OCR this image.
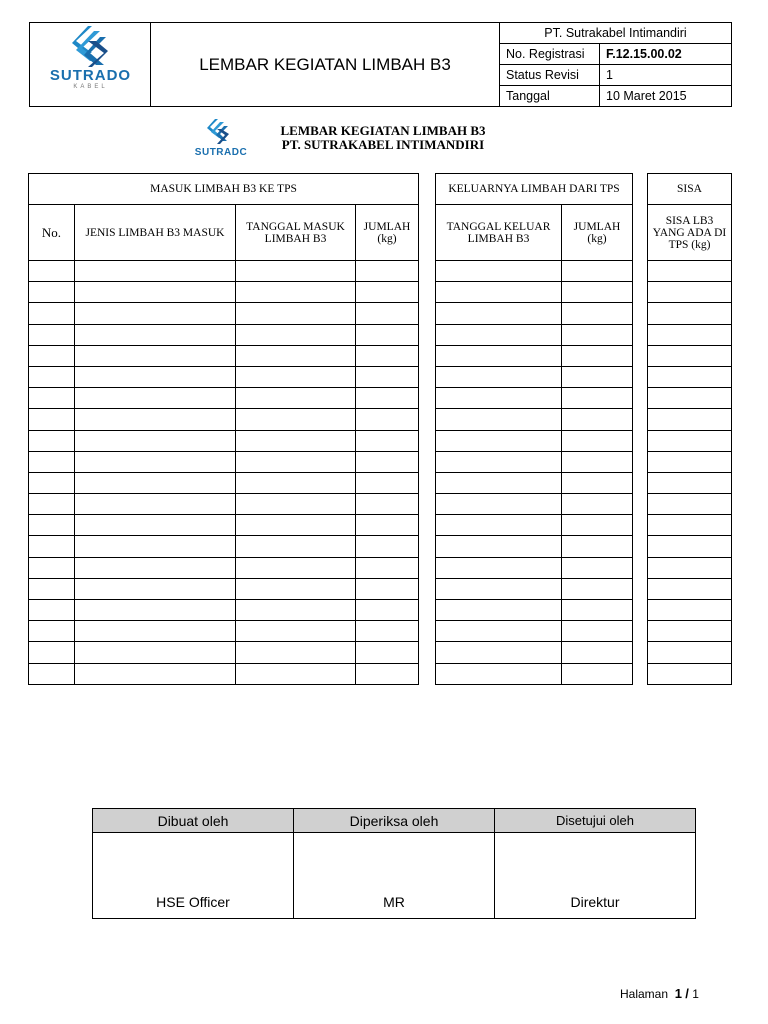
SUTRADO
KABEL
LEMBAR KEGIATAN LIMBAH B3
PT. Sutrakabel Intimandiri	
No. Registrasi	F.12.15.00.02
Status Revisi	1
Tanggal	10 Maret 2015
SUTRADC
LEMBAR KEGIATAN LIMBAH B3
PT. SUTRAKABEL INTIMANDIRI
MASUK LIMBAH B3 KE TPS			
No.	JENIS LIMBAH B3 MASUK	TANGGAL MASUK LIMBAH B3	JUMLAH (kg)

KELUARNYA LIMBAH DARI TPS	
TANGGAL KELUAR LIMBAH B3	JUMLAH (kg)

SISA
SISA LB3 YANG ADA DI TPS (kg)

Dibuat oleh	Diperiksa oleh	Disetujui oleh
HSE Officer	MR	Direktur
Halaman 1 / 1
